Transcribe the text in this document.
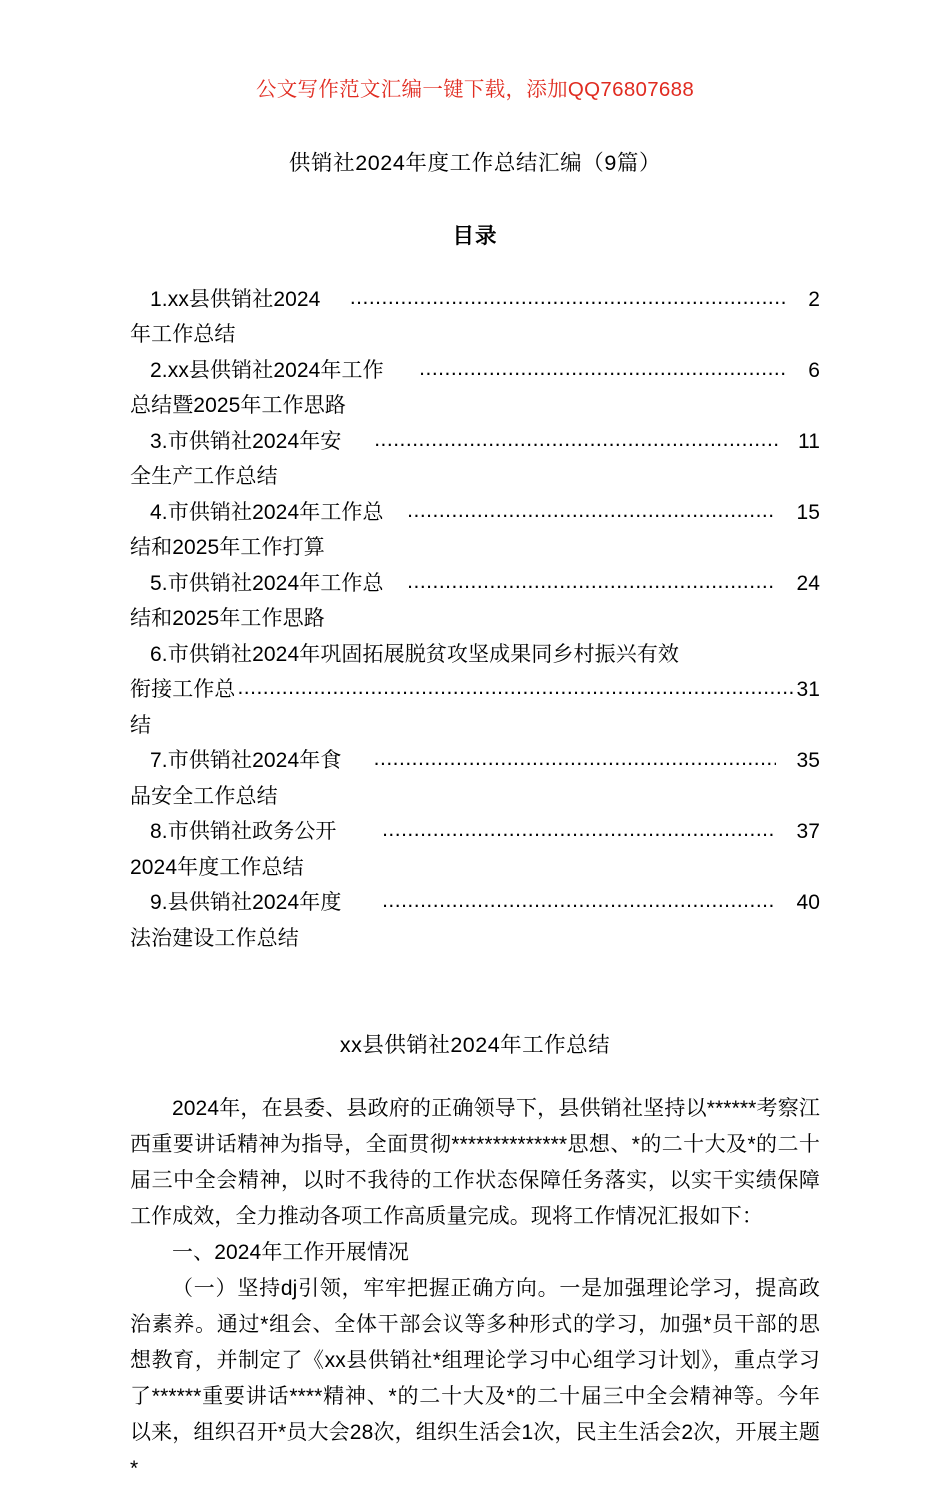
公文写作范文汇编一键下载，添加QQ76807688
供销社2024年度工作总结汇编（9篇）
目录
1.xx县供销社2024年工作总结
.....
2
2.xx县供销社2024年工作总结暨2025年工作思路
.....
6
3.市供销社2024年安全生产工作总结
.....
11
4.市供销社2024年工作总结和2025年工作打算
.....
15
5.市供销社2024年工作总结和2025年工作思路
.....
24
6.市供销社2024年巩固拓展脱贫攻坚成果同乡村振兴有效
衔接工作总结
.....
31
7.市供销社2024年食品安全工作总结
.....
35
8.市供销社政务公开2024年度工作总结
.....
37
9.县供销社2024年度法治建设工作总结
.....
40
xx县供销社2024年工作总结

2024年，在县委、县政府的正确领导下，县供销社坚持以******考察江西重要讲话精神为指导，全面贯彻**************思想、*的二十大及*的二十届三中全会精神，以时不我待的工作状态保障任务落实，以实干实绩保障工作成效，全力推动各项工作高质量完成。现将工作情况汇报如下：

一、2024年工作开展情况

（一）坚持dj引领，牢牢把握正确方向。一是加强理论学习，提高政治素养。通过*组会、全体干部会议等多种形式的学习，加强*员干部的思想教育，并制定了《xx县供销社*组理论学习中心组学习计划》，重点学习了******重要讲话****精神、*的二十大及*的二十届三中全会精神等。今年以来，组织召开*员大会28次，组织生活会1次，民主生活会2次，开展主题*
